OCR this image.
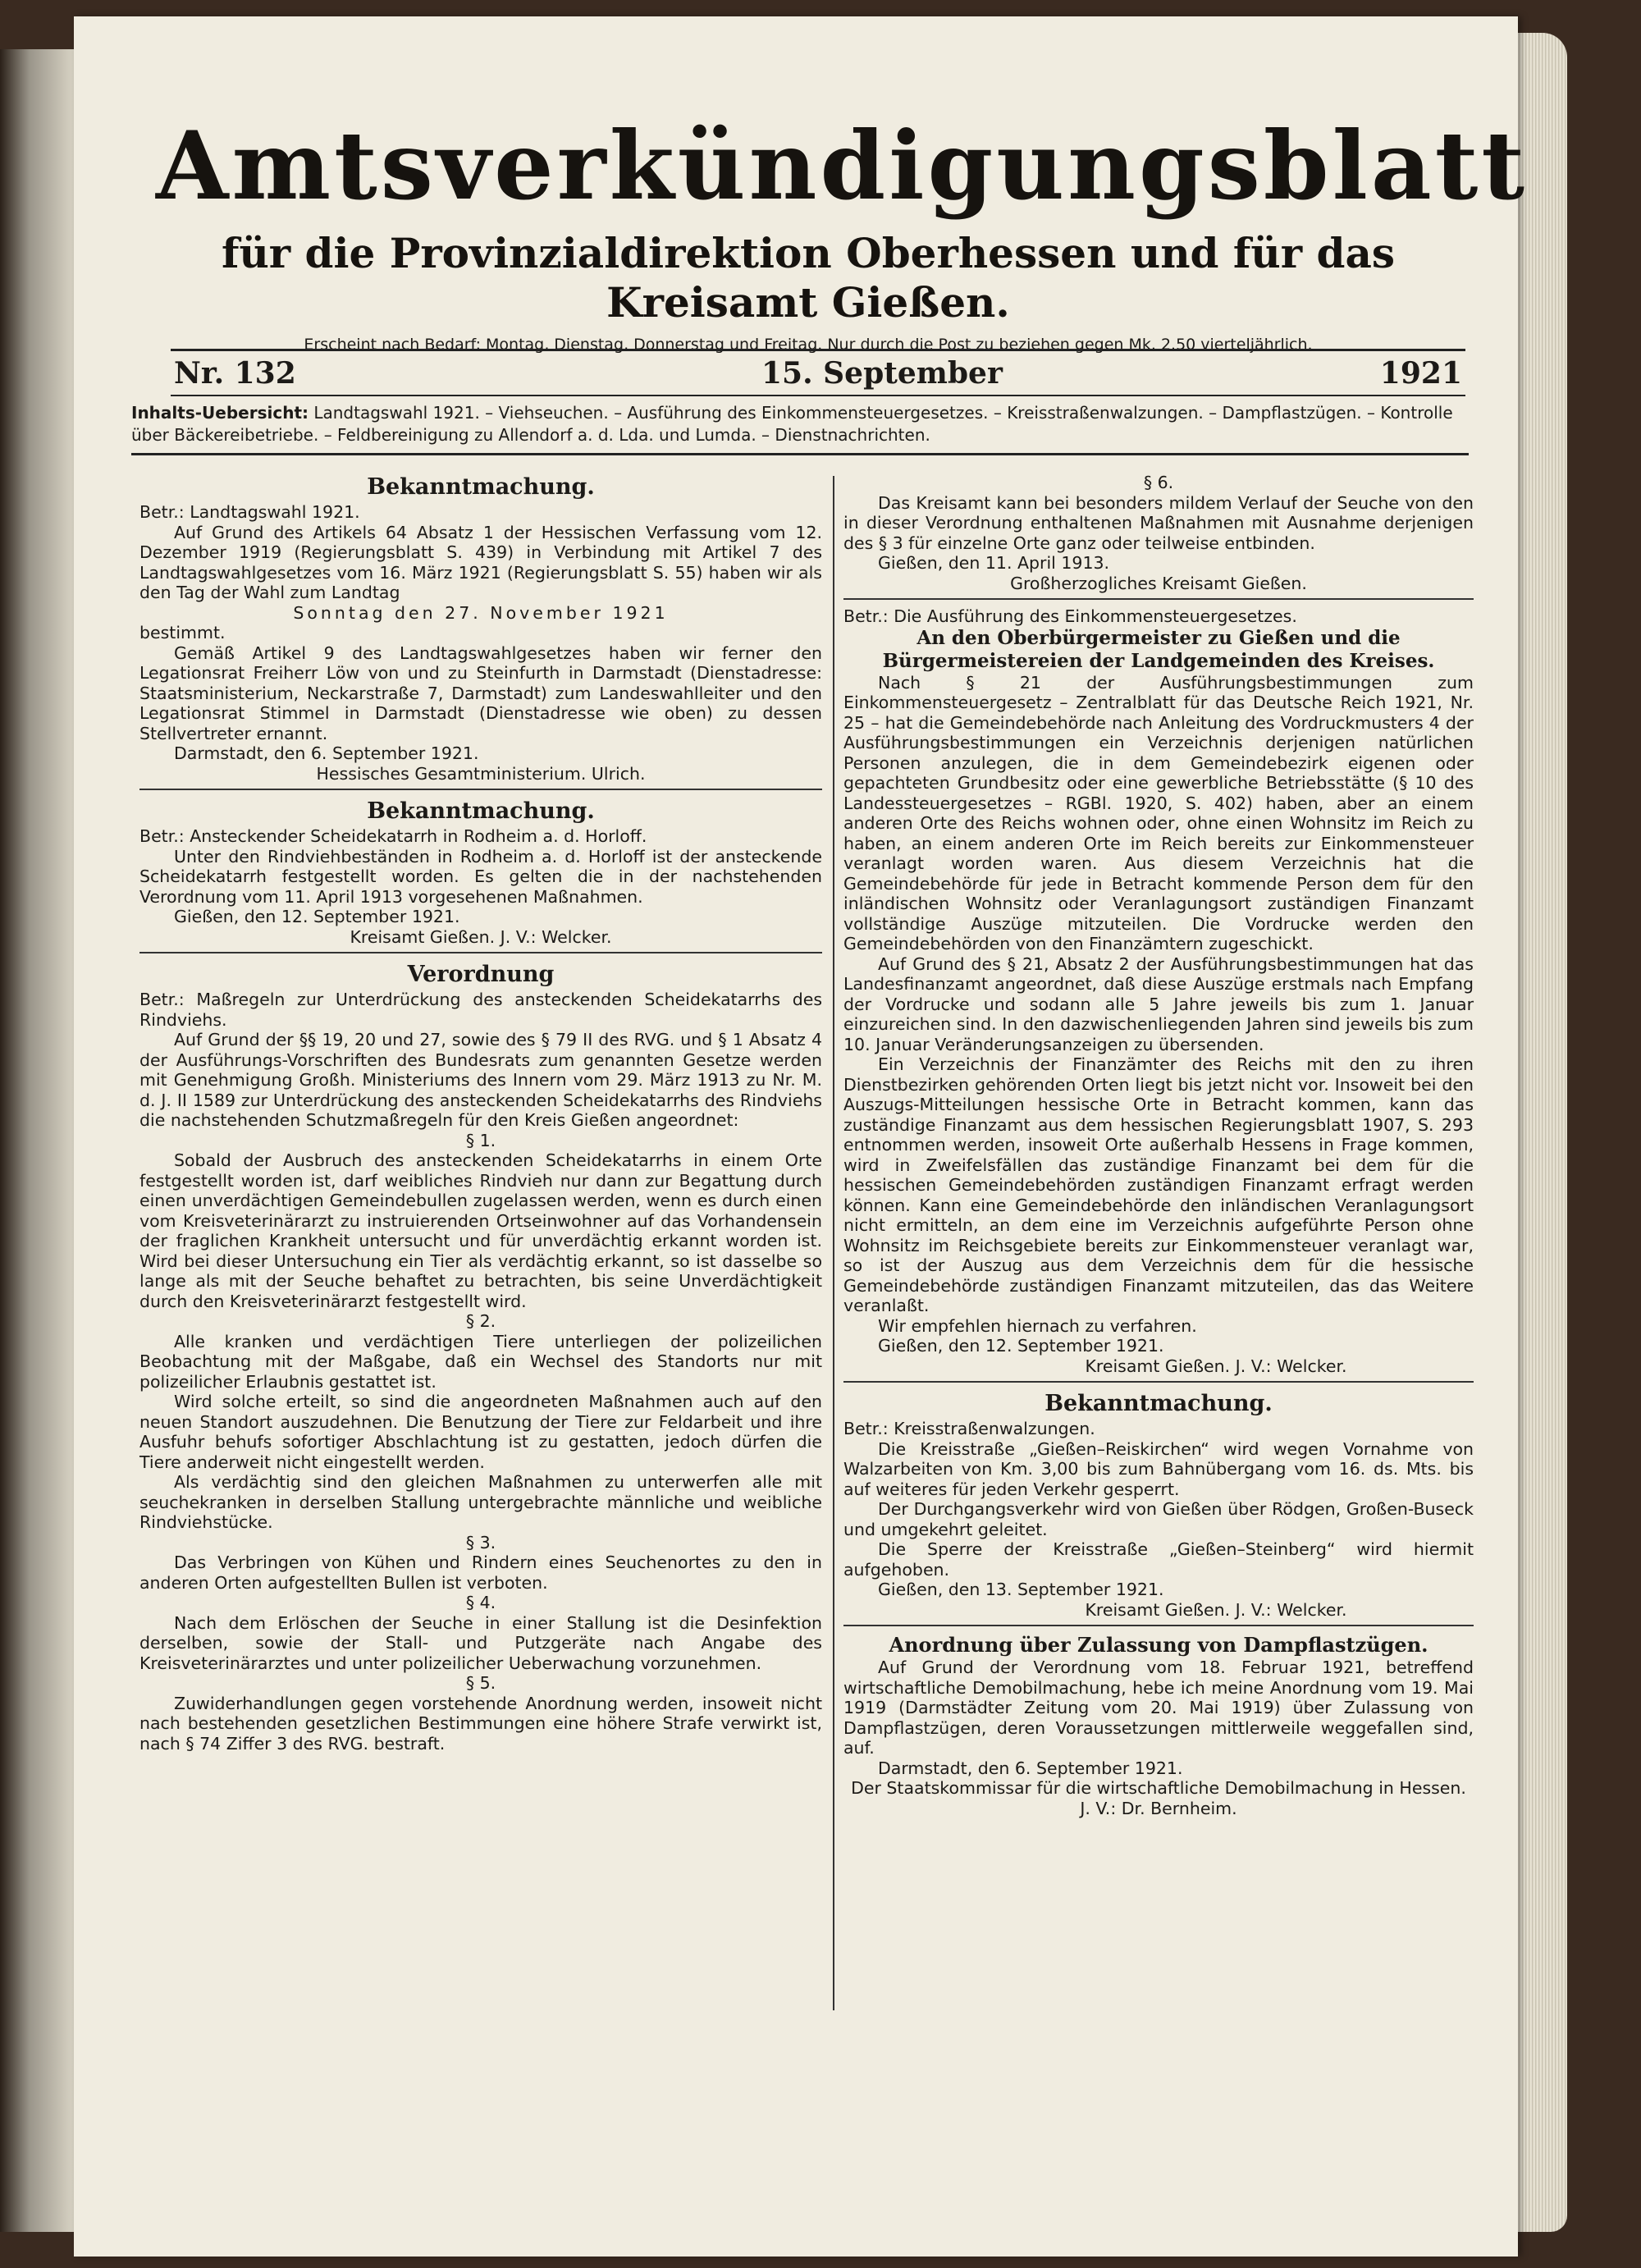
Amtsverkündigungsblatt
für die Provinzialdirektion Oberhessen und für das Kreisamt Gießen.
Erscheint nach Bedarf: Montag, Dienstag, Donnerstag und Freitag. Nur durch die Post zu beziehen gegen Mk. 2.50 vierteljährlich.
Nr. 132	15. September	1921
Inhalts-Uebersicht: Landtagswahl 1921. – Viehseuchen. – Ausführung des Einkommensteuergesetzes. – Kreisstraßenwalzungen. – Dampflastzügen. – Kontrolle über Bäckereibetriebe. – Feldbereinigung zu Allendorf a. d. Lda. und Lumda. – Dienstnachrichten.

Bekanntmachung.

Betr.: Landtagswahl 1921.

Auf Grund des Artikels 64 Absatz 1 der Hessischen Verfassung vom 12. Dezember 1919 (Regierungsblatt S. 439) in Verbindung mit Artikel 7 des Landtagswahlgesetzes vom 16. März 1921 (Regierungsblatt S. 55) haben wir als den Tag der Wahl zum Landtag

Sonntag den 27. November 1921

bestimmt.

Gemäß Artikel 9 des Landtagswahlgesetzes haben wir ferner den Legationsrat Freiherr Löw von und zu Steinfurth in Darmstadt (Dienstadresse: Staatsministerium, Neckarstraße 7, Darmstadt) zum Landeswahlleiter und den Legationsrat Stimmel in Darmstadt (Dienstadresse wie oben) zu dessen Stellvertreter ernannt.

Darmstadt, den 6. September 1921.

Hessisches Gesamtministerium. Ulrich.

Bekanntmachung.

Betr.: Ansteckender Scheidekatarrh in Rodheim a. d. Horloff.

Unter den Rindviehbeständen in Rodheim a. d. Horloff ist der ansteckende Scheidekatarrh festgestellt worden. Es gelten die in der nachstehenden Verordnung vom 11. April 1913 vorgesehenen Maßnahmen.

Gießen, den 12. September 1921.

Kreisamt Gießen. J. V.: Welcker.

Verordnung

Betr.: Maßregeln zur Unterdrückung des ansteckenden Scheidekatarrhs des Rindviehs.

Auf Grund der §§ 19, 20 und 27, sowie des § 79 II des RVG. und § 1 Absatz 4 der Ausführungs-Vorschriften des Bundesrats zum genannten Gesetze werden mit Genehmigung Großh. Ministeriums des Innern vom 29. März 1913 zu Nr. M. d. J. II 1589 zur Unterdrückung des ansteckenden Scheidekatarrhs des Rindviehs die nachstehenden Schutzmaßregeln für den Kreis Gießen angeordnet:

§ 1.

Sobald der Ausbruch des ansteckenden Scheidekatarrhs in einem Orte festgestellt worden ist, darf weibliches Rindvieh nur dann zur Begattung durch einen unverdächtigen Gemeindebullen zugelassen werden, wenn es durch einen vom Kreisveterinärarzt zu instruierenden Ortseinwohner auf das Vorhandensein der fraglichen Krankheit untersucht und für unverdächtig erkannt worden ist. Wird bei dieser Untersuchung ein Tier als verdächtig erkannt, so ist dasselbe so lange als mit der Seuche behaftet zu betrachten, bis seine Unverdächtigkeit durch den Kreisveterinärarzt festgestellt wird.

§ 2.

Alle kranken und verdächtigen Tiere unterliegen der polizeilichen Beobachtung mit der Maßgabe, daß ein Wechsel des Standorts nur mit polizeilicher Erlaubnis gestattet ist.

Wird solche erteilt, so sind die angeordneten Maßnahmen auch auf den neuen Standort auszudehnen. Die Benutzung der Tiere zur Feldarbeit und ihre Ausfuhr behufs sofortiger Abschlachtung ist zu gestatten, jedoch dürfen die Tiere anderweit nicht eingestellt werden.

Als verdächtig sind den gleichen Maßnahmen zu unterwerfen alle mit seuchekranken in derselben Stallung untergebrachte männliche und weibliche Rindviehstücke.

§ 3.

Das Verbringen von Kühen und Rindern eines Seuchenortes zu den in anderen Orten aufgestellten Bullen ist verboten.

§ 4.

Nach dem Erlöschen der Seuche in einer Stallung ist die Desinfektion derselben, sowie der Stall- und Putzgeräte nach Angabe des Kreisveterinärarztes und unter polizeilicher Ueberwachung vorzunehmen.

§ 5.

Zuwiderhandlungen gegen vorstehende Anordnung werden, insoweit nicht nach bestehenden gesetzlichen Bestimmungen eine höhere Strafe verwirkt ist, nach § 74 Ziffer 3 des RVG. bestraft.

§ 6.

Das Kreisamt kann bei besonders mildem Verlauf der Seuche von den in dieser Verordnung enthaltenen Maßnahmen mit Ausnahme derjenigen des § 3 für einzelne Orte ganz oder teilweise entbinden.

Gießen, den 11. April 1913.

Großherzogliches Kreisamt Gießen.

Betr.: Die Ausführung des Einkommensteuergesetzes.

An den Oberbürgermeister zu Gießen und die Bürgermeistereien der Landgemeinden des Kreises.

Nach § 21 der Ausführungsbestimmungen zum Einkommensteuergesetz – Zentralblatt für das Deutsche Reich 1921, Nr. 25 – hat die Gemeindebehörde nach Anleitung des Vordruckmusters 4 der Ausführungsbestimmungen ein Verzeichnis derjenigen natürlichen Personen anzulegen, die in dem Gemeindebezirk eigenen oder gepachteten Grundbesitz oder eine gewerbliche Betriebsstätte (§ 10 des Landessteuergesetzes – RGBl. 1920, S. 402) haben, aber an einem anderen Orte des Reichs wohnen oder, ohne einen Wohnsitz im Reich zu haben, an einem anderen Orte im Reich bereits zur Einkommensteuer veranlagt worden waren. Aus diesem Verzeichnis hat die Gemeindebehörde für jede in Betracht kommende Person dem für den inländischen Wohnsitz oder Veranlagungsort zuständigen Finanzamt vollständige Auszüge mitzuteilen. Die Vordrucke werden den Gemeindebehörden von den Finanzämtern zugeschickt.

Auf Grund des § 21, Absatz 2 der Ausführungsbestimmungen hat das Landesfinanzamt angeordnet, daß diese Auszüge erstmals nach Empfang der Vordrucke und sodann alle 5 Jahre jeweils bis zum 1. Januar einzureichen sind. In den dazwischenliegenden Jahren sind jeweils bis zum 10. Januar Veränderungsanzeigen zu übersenden.

Ein Verzeichnis der Finanzämter des Reichs mit den zu ihren Dienstbezirken gehörenden Orten liegt bis jetzt nicht vor. Insoweit bei den Auszugs-Mitteilungen hessische Orte in Betracht kommen, kann das zuständige Finanzamt aus dem hessischen Regierungsblatt 1907, S. 293 entnommen werden, insoweit Orte außerhalb Hessens in Frage kommen, wird in Zweifelsfällen das zuständige Finanzamt bei dem für die hessischen Gemeindebehörden zuständigen Finanzamt erfragt werden können. Kann eine Gemeindebehörde den inländischen Veranlagungsort nicht ermitteln, an dem eine im Verzeichnis aufgeführte Person ohne Wohnsitz im Reichsgebiete bereits zur Einkommensteuer veranlagt war, so ist der Auszug aus dem Verzeichnis dem für die hessische Gemeindebehörde zuständigen Finanzamt mitzuteilen, das das Weitere veranlaßt.

Wir empfehlen hiernach zu verfahren.

Gießen, den 12. September 1921.

Kreisamt Gießen. J. V.: Welcker.

Bekanntmachung.

Betr.: Kreisstraßenwalzungen.

Die Kreisstraße „Gießen–Reiskirchen“ wird wegen Vornahme von Walzarbeiten von Km. 3,00 bis zum Bahnübergang vom 16. ds. Mts. bis auf weiteres für jeden Verkehr gesperrt.

Der Durchgangsverkehr wird von Gießen über Rödgen, Großen-Buseck und umgekehrt geleitet.

Die Sperre der Kreisstraße „Gießen–Steinberg“ wird hiermit aufgehoben.

Gießen, den 13. September 1921.

Kreisamt Gießen. J. V.: Welcker.

Anordnung über Zulassung von Dampflastzügen.

Auf Grund der Verordnung vom 18. Februar 1921, betreffend wirtschaftliche Demobilmachung, hebe ich meine Anordnung vom 19. Mai 1919 (Darmstädter Zeitung vom 20. Mai 1919) über Zulassung von Dampflastzügen, deren Voraussetzungen mittlerweile weggefallen sind, auf.

Darmstadt, den 6. September 1921.

Der Staatskommissar für die wirtschaftliche Demobilmachung in Hessen. J. V.: Dr. Bernheim.
